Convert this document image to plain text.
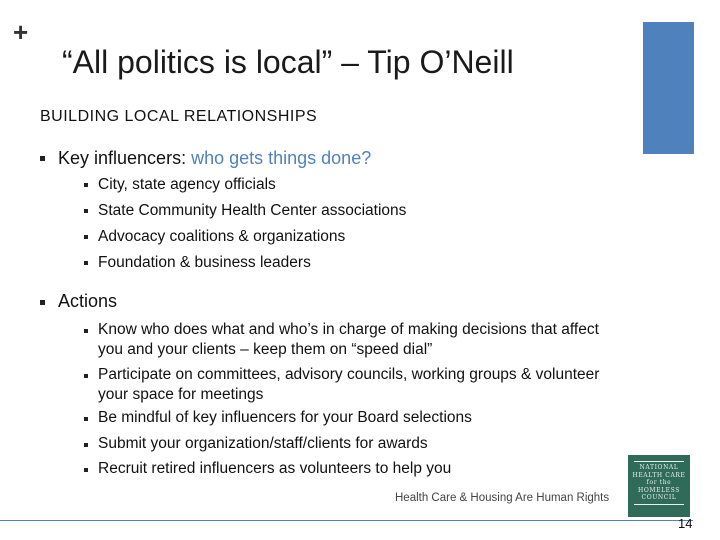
+
“All politics is local” – Tip O’Neill
BUILDING LOCAL RELATIONSHIPS
Key influencers: who gets things done?
City, state agency officials
State Community Health Center associations
Advocacy coalitions & organizations
Foundation & business leaders
Actions
Know who does what and who’s in charge of making decisions that affect you and your clients – keep them on “speed dial”
Participate on committees, advisory councils, working groups & volunteer your space for meetings
Be mindful of key influencers for your Board selections
Submit your organization/staff/clients for awards
Recruit retired influencers as volunteers to help you
Health Care & Housing Are Human Rights
NATIONAL
HEALTH CARE
for the
HOMELESS
COUNCIL
14
